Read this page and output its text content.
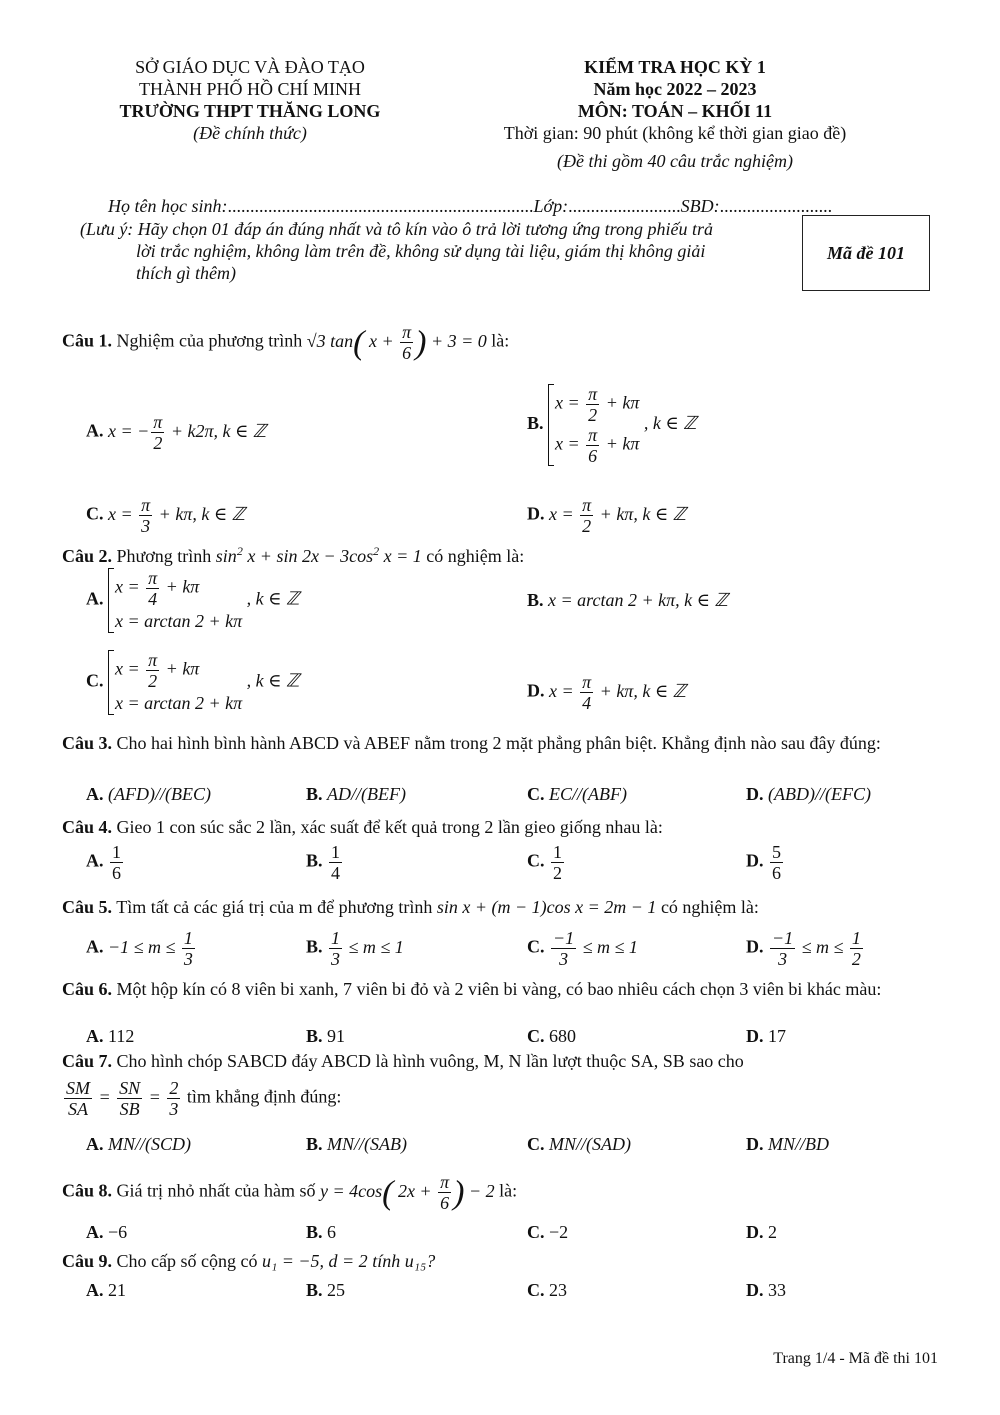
SỞ GIÁO DỤC VÀ ĐÀO TẠO
THÀNH PHỐ HỒ CHÍ MINH
TRƯỜNG THPT THĂNG LONG
(Đề chính thức)
KIỂM TRA HỌC KỲ 1
Năm học 2022 – 2023
MÔN: TOÁN – KHỐI 11
Thời gian: 90 phút (không kể thời gian giao đề)
(Đề thi gồm 40 câu trắc nghiệm)
Họ tên học sinh:....................................................................Lớp:.........................SBD:.........................
(Lưu ý: Hãy chọn 01 đáp án đúng nhất và tô kín vào ô trả lời tương ứng trong phiếu trả
lời trắc nghiệm, không làm trên đề, không sử dụng tài liệu, giám thị không giải
thích gì thêm)
Mã đề 101
Câu 1. Nghiệm của phương trình √3 tan( $x + \frac{\pi}{6}$ ) + 3 = 0 là:
A. x = − $\frac{\pi}{2} + k2\pi$, k ∈ ℤ	B.
$x = \frac{\pi}{2} + k\pi$
$x = \frac{\pi}{6} + k\pi$
, k ∈ ℤ
C. $x = \frac{\pi}{3} + k\pi$, k ∈ ℤ	D. $x = \frac{\pi}{2} + k\pi$, k ∈ ℤ
Câu 2. Phương trình $\sin^2 x + \sin 2x - 3\cos^2$ x = 1 có nghiệm là:
A.
$x = \frac{\pi}{4} + k\pi$
x = arctan 2 + kπ
, k ∈ ℤ	B. x = arctan 2 + kπ, k ∈ ℤ
C.
$x = \frac{\pi}{2} + k\pi$
x = arctan 2 + kπ
, k ∈ ℤ	D. $x = \frac{\pi}{4} + k\pi$, k ∈ ℤ
Câu 3. Cho hai hình bình hành ABCD và ABEF nằm trong 2 mặt phẳng phân biệt. Khẳng định nào sau đây đúng:
A. (AFD)//(BEC)	B. AD//(BEF)	C. EC//(ABF)	D. (ABD)//(EFC)
Câu 4. Gieo 1 con súc sắc 2 lần, xác suất để kết quả trong 2 lần gieo giống nhau là:
A. $\frac{1}{6}$	B. $\frac{1}{4}$	C. $\frac{1}{2}$	D. $\frac{5}{6}$
Câu 5. Tìm tất cả các giá trị của m để phương trình sin x + (m − 1)cos x = 2m − 1 có nghiệm là:
A. $-1 \le m \le \frac{1}{3}$	B. $\frac{1}{3} \le m \le 1$	C. $\frac{-1}{3} \le m \le 1$	D. $\frac{-1}{3} \le m \le \frac{1}{2}$
Câu 6. Một hộp kín có 8 viên bi xanh, 7 viên bi đỏ và 2 viên bi vàng, có bao nhiêu cách chọn 3 viên bi khác màu:
A. 112	B. 91	C. 680	D. 17
Câu 7. Cho hình chóp SABCD đáy ABCD là hình vuông, M, N lần lượt thuộc SA, SB sao cho
$\frac{SM}{SA} = \frac{SN}{SB} = \frac{2}{3}$ tìm khẳng định đúng:
A. MN//(SCD)	B. MN//(SAB)	C. MN//(SAD)	D. MN//BD
Câu 8. Giá trị nhỏ nhất của hàm số y = 4cos( $2x + \frac{\pi}{6}$ ) − 2 là:
A. −6	B. 6	C. −2	D. 2
Câu 9. Cho cấp số cộng có u₁ = −5, d = 2 tính u₁₅?
A. 21	B. 25	C. 23	D. 33
Trang 1/4 - Mã đề thi 101
